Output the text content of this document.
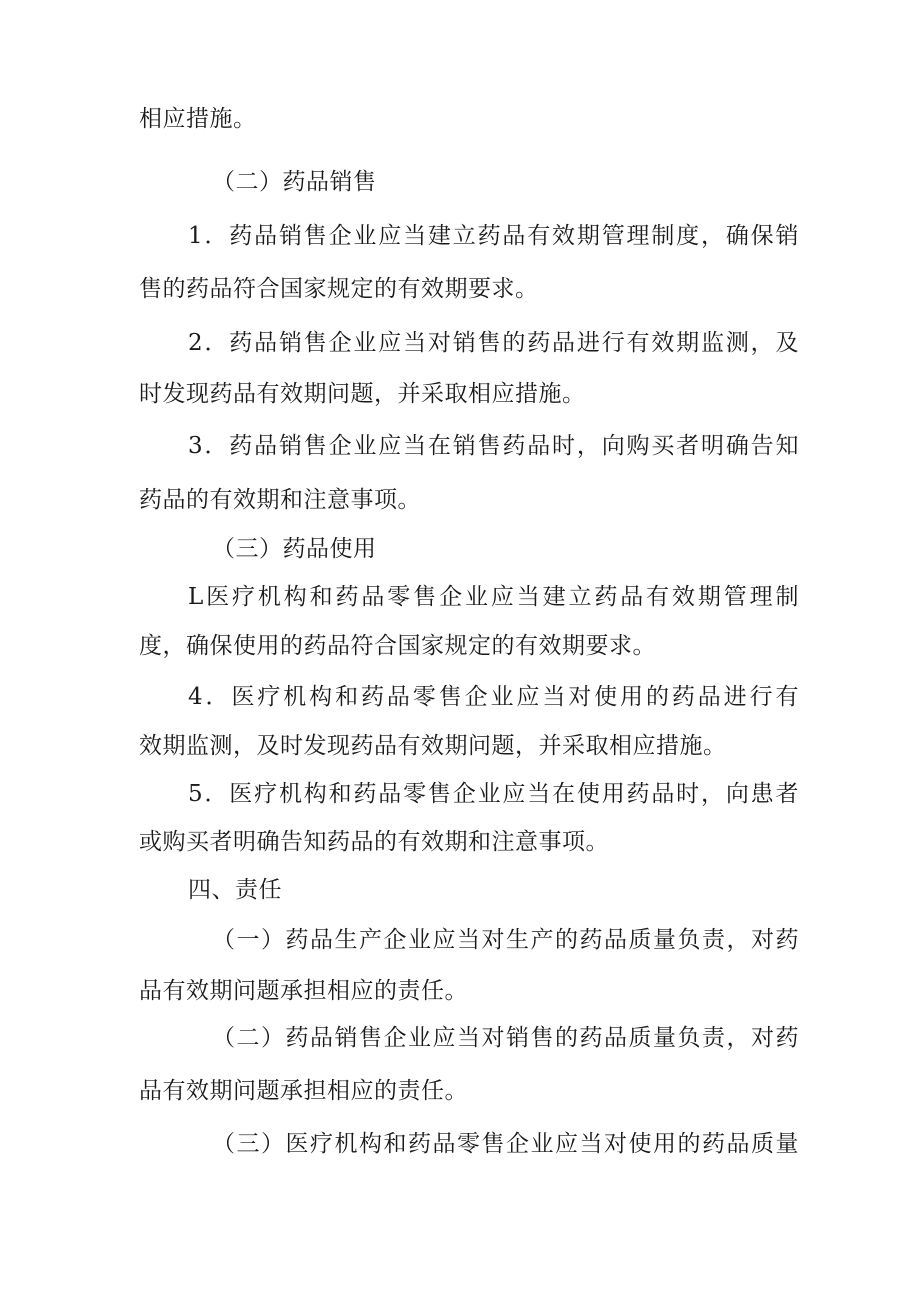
相应措施。
（二）药品销售
1．药品销售企业应当建立药品有效期管理制度，确保销
售的药品符合国家规定的有效期要求。
2．药品销售企业应当对销售的药品进行有效期监测，及
时发现药品有效期问题，并采取相应措施。
3．药品销售企业应当在销售药品时，向购买者明确告知
药品的有效期和注意事项。
（三）药品使用
L医疗机构和药品零售企业应当建立药品有效期管理制
度，确保使用的药品符合国家规定的有效期要求。
4．医疗机构和药品零售企业应当对使用的药品进行有
效期监测，及时发现药品有效期问题，并采取相应措施。
5．医疗机构和药品零售企业应当在使用药品时，向患者
或购买者明确告知药品的有效期和注意事项。
四、责任
（一）药品生产企业应当对生产的药品质量负责，对药
品有效期问题承担相应的责任。
（二）药品销售企业应当对销售的药品质量负责，对药
品有效期问题承担相应的责任。
（三）医疗机构和药品零售企业应当对使用的药品质量
